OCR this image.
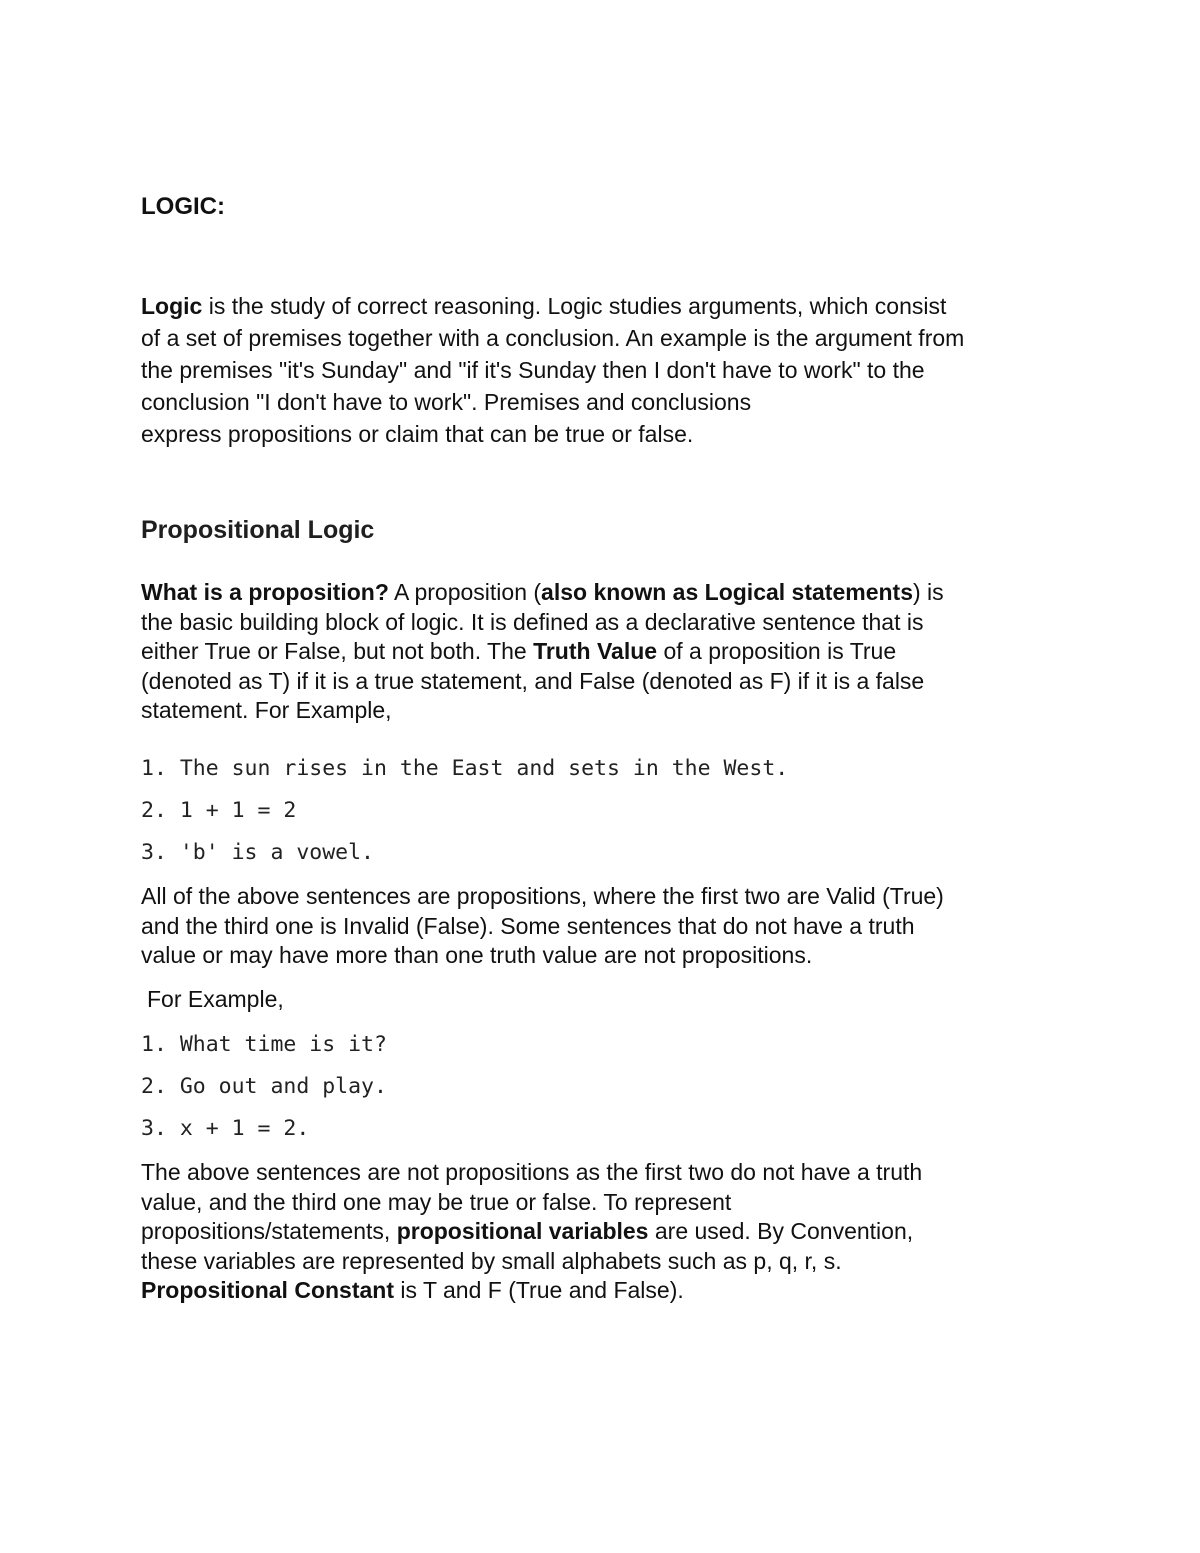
LOGIC:

Logic is the study of correct reasoning. Logic studies arguments, which consist
of a set of premises together with a conclusion. An example is the argument from
the premises "it's Sunday" and "if it's Sunday then I don't have to work" to the
conclusion "I don't have to work". Premises and conclusions
express propositions or claim that can be true or false.

Propositional Logic

What is a proposition? A proposition (also known as Logical statements) is
the basic building block of logic. It is defined as a declarative sentence that is
either True or False, but not both. The Truth Value of a proposition is True
(denoted as T) if it is a true statement, and False (denoted as F) if it is a false
statement. For Example,

1. The sun rises in the East and sets in the West.
2. 1 + 1 = 2
3. 'b' is a vowel.

All of the above sentences are propositions, where the first two are Valid (True)
and the third one is Invalid (False). Some sentences that do not have a truth
value or may have more than one truth value are not propositions.

For Example,

1. What time is it?
2. Go out and play.
3. x + 1 = 2.

The above sentences are not propositions as the first two do not have a truth
value, and the third one may be true or false. To represent
propositions/statements, propositional variables are used. By Convention,
these variables are represented by small alphabets such as p, q, r, s.
Propositional Constant is T and F (True and False).
